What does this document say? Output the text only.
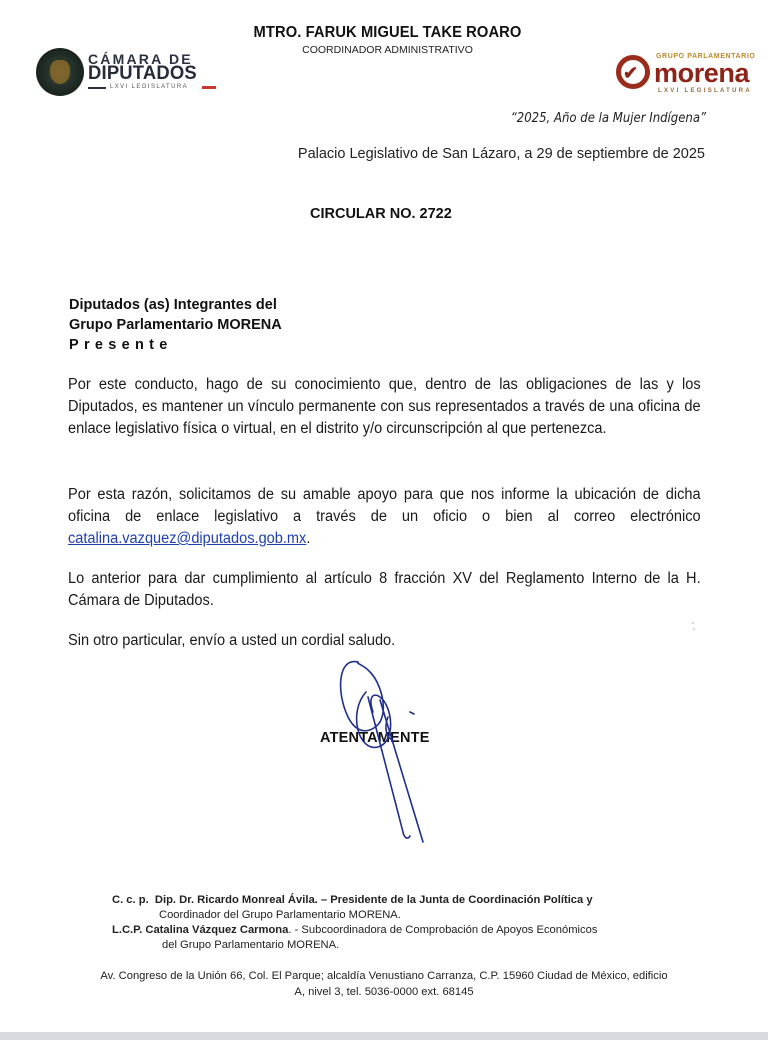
MTRO. FARUK MIGUEL TAKE ROARO
COORDINADOR ADMINISTRATIVO
CÁMARA DE
DIPUTADOS
LXVI LEGISLATURA
✔
GRUPO PARLAMENTARIO
morena
LXVI LEGISLATURA
“2025, Año de la Mujer Indígena”
Palacio Legislativo de San Lázaro, a 29 de septiembre de 2025
CIRCULAR NO. 2722
Diputados (as) Integrantes del
Grupo Parlamentario MORENA
Presente
Por este conducto, hago de su conocimiento que, dentro de las obligaciones de las y los Diputados, es mantener un vínculo permanente con sus representados a través de una oficina de enlace legislativo física o virtual, en el distrito y/o circunscripción al que pertenezca.
Por esta razón, solicitamos de su amable apoyo para que nos informe la ubicación de dicha oficina de enlace legislativo a través de un oficio o bien al correo electrónico catalina.vazquez@diputados.gob.mx.
Lo anterior para dar cumplimiento al artículo 8 fracción XV del Reglamento Interno de la H. Cámara de Diputados.
Sin otro particular, envío a usted un cordial saludo.
ATENTAMENTE
C. c. p. Dip. Dr. Ricardo Monreal Ávila. – Presidente de la Junta de Coordinación Política y
Coordinador del Grupo Parlamentario MORENA.
L.C.P. Catalina Vázquez Carmona. - Subcoordinadora de Comprobación de Apoyos Económicos
del Grupo Parlamentario MORENA.
Av. Congreso de la Unión 66, Col. El Parque; alcaldía Venustiano Carranza, C.P. 15960 Ciudad de México, edificio
A, nivel 3, tel. 5036-0000 ext. 68145
